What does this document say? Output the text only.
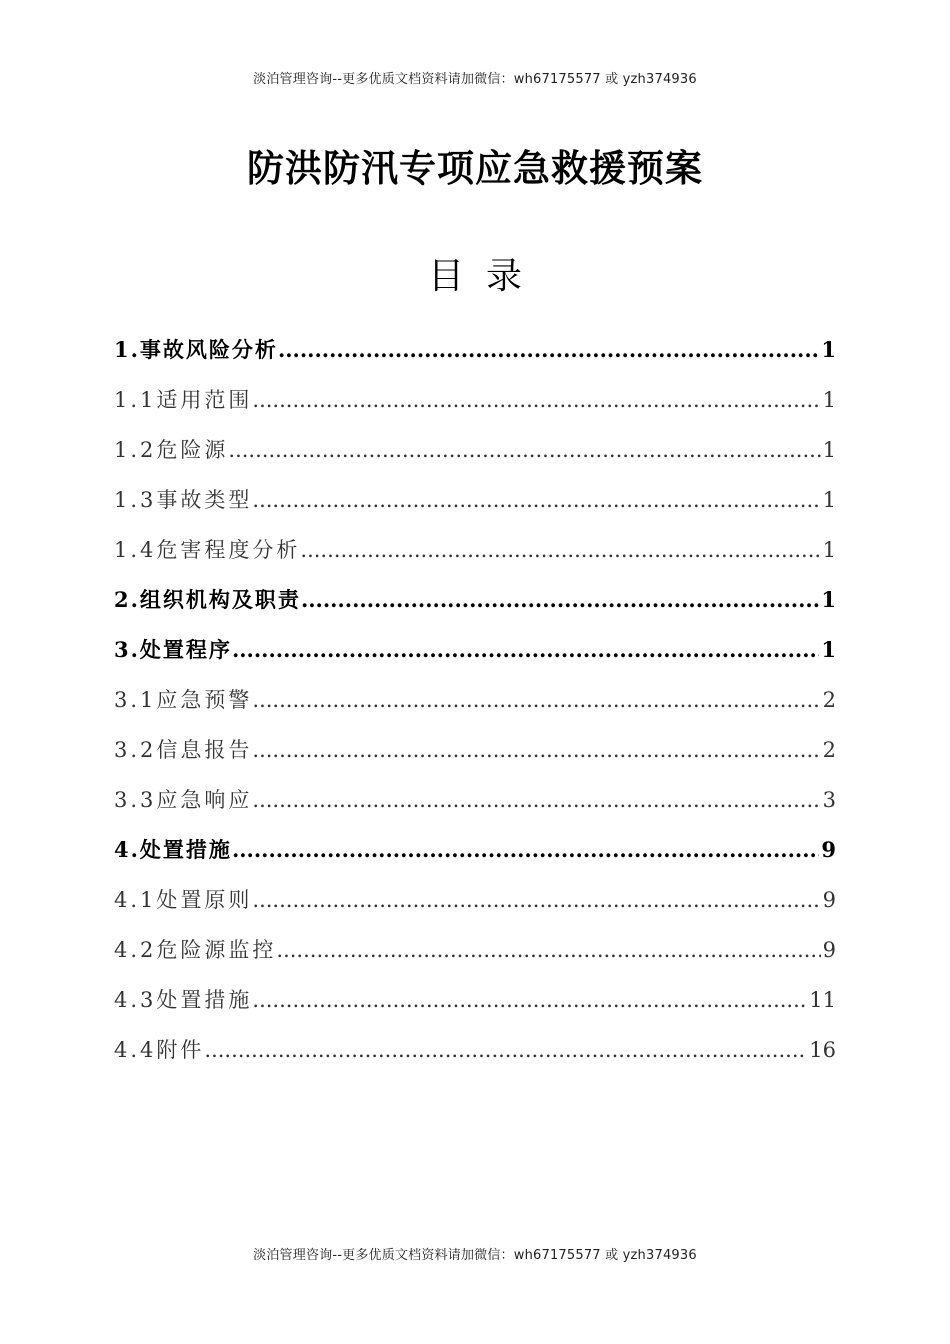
淡泊管理咨询--更多优质文档资料请加微信：wh67175577 或 yzh374936
防洪防汛专项应急救援预案
目录
1.事故风险分析 .....	1
1.1适用范围 .....	1
1.2危险源 .....	1
1.3事故类型 .....	1
1.4危害程度分析 .....	1
2.组织机构及职责 .....	1
3.处置程序 .....	1
3.1应急预警 .....	2
3.2信息报告 .....	2
3.3应急响应 .....	3
4.处置措施 .....	9
4.1处置原则 .....	9
4.2危险源监控 .....	9
4.3处置措施 .....	11
4.4附件 .....	16
淡泊管理咨询--更多优质文档资料请加微信：wh67175577 或 yzh374936
